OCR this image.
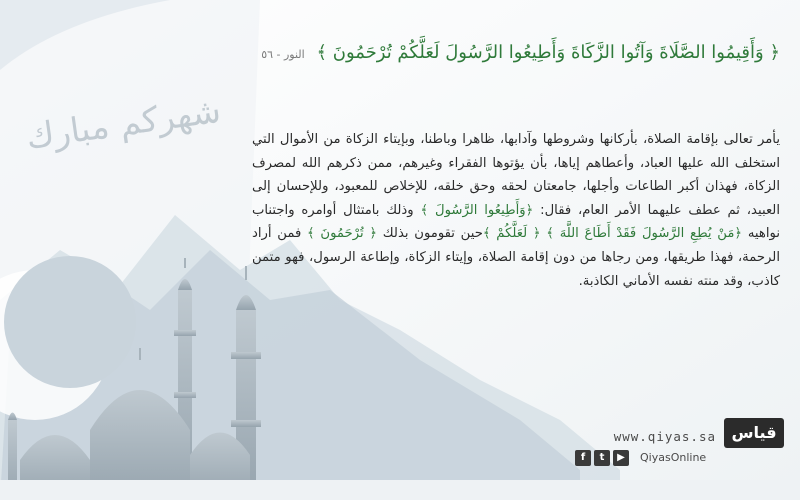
شهركم مبارك
﴿ وَأَقِيمُوا الصَّلَاةَ وَآتُوا الزَّكَاةَ وَأَطِيعُوا الرَّسُولَ لَعَلَّكُمْ تُرْحَمُونَ ﴾ النور - ٥٦

يأمر تعالى بإقامة الصلاة، بأركانها وشروطها وآدابها، ظاهرا وباطنا، وبإيتاء الزكاة من الأموال التي استخلف الله عليها العباد، وأعطاهم إياها، بأن يؤتوها الفقراء وغيرهم، ممن ذكرهم الله لمصرف الزكاة، فهذان أكبر الطاعات وأجلها، جامعتان لحقه وحق خلقه، للإخلاص للمعبود، وللإحسان إلى العبيد، ثم عطف عليهما الأمر العام، فقال: ﴿وَأَطِيعُوا الرَّسُولَ ﴾ وذلك بامتثال أوامره واجتناب نواهيه ﴿مَنْ يُطِعِ الرَّسُولَ فَقَدْ أَطَاعَ اللَّهَ ﴾ ﴿ لَعَلَّكُمْ ﴾حين تقومون بذلك ﴿ تُرْحَمُونَ ﴾ فمن أراد الرحمة، فهذا طريقها، ومن رجاها من دون إقامة الصلاة، وإيتاء الزكاة، وإطاعة الرسول، فهو متمن كاذب، وقد منته نفسه الأماني الكاذبة.

www.qiyas.sa قياس
f	t	▶	QiyasOnline
